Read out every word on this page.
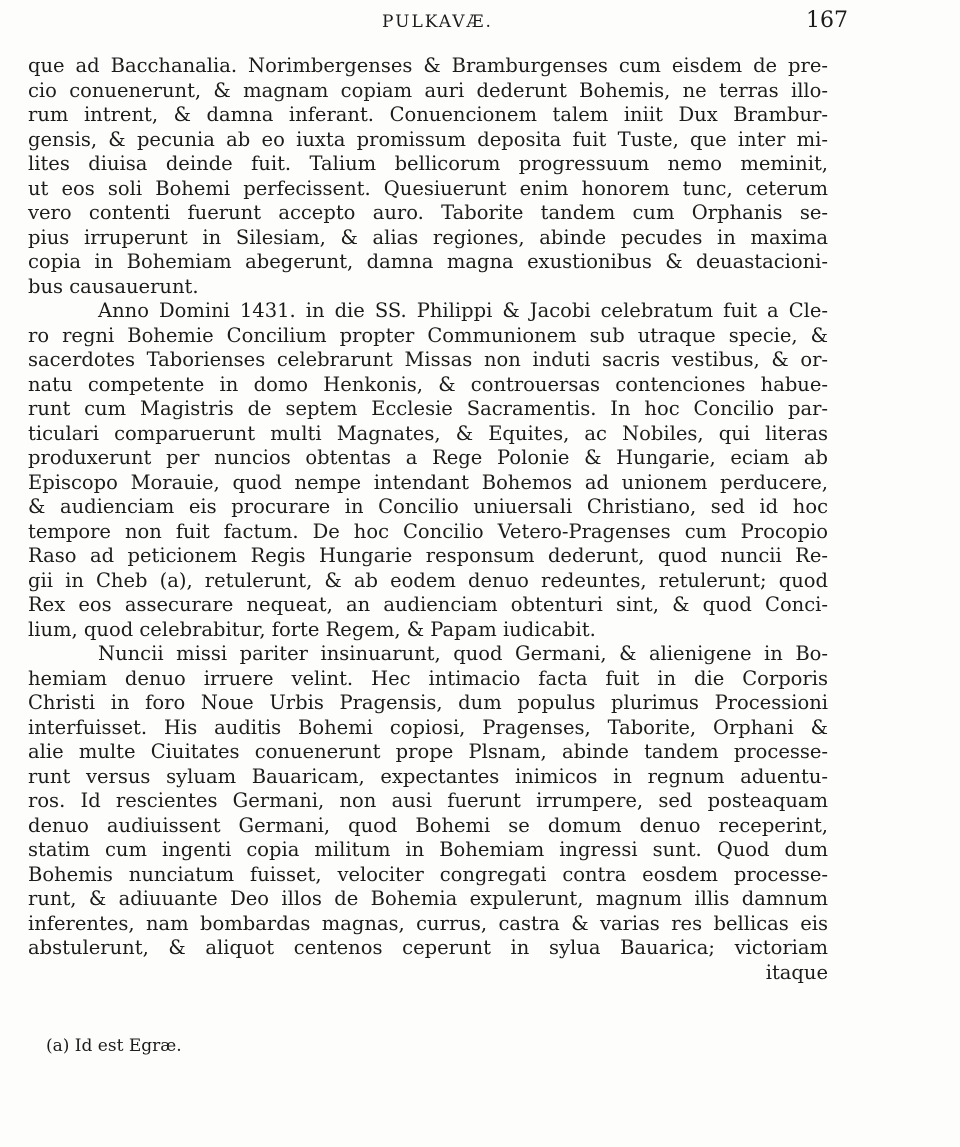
PULKAVÆ.	167
que ad Bacchanalia. Norimbergenses & Bramburgenses cum eisdem de pre-
cio conuenerunt, & magnam copiam auri dederunt Bohemis, ne terras illo-
rum intrent, & damna inferant. Conuencionem talem iniit Dux Brambur-
gensis, & pecunia ab eo iuxta promissum deposita fuit Tuste, que inter mi-
lites diuisa deinde fuit. Talium bellicorum progressuum nemo meminit,
ut eos soli Bohemi perfecissent. Quesiuerunt enim honorem tunc, ceterum
vero contenti fuerunt accepto auro. Taborite tandem cum Orphanis se-
pius irruperunt in Silesiam, & alias regiones, abinde pecudes in maxima
copia in Bohemiam abegerunt, damna magna exustionibus & deuastacioni-
bus causauerunt.
Anno Domini 1431. in die SS. Philippi & Jacobi celebratum fuit a Cle-
ro regni Bohemie Concilium propter Communionem sub utraque specie, &
sacerdotes Taborienses celebrarunt Missas non induti sacris vestibus, & or-
natu competente in domo Henkonis, & controuersas contenciones habue-
runt cum Magistris de septem Ecclesie Sacramentis. In hoc Concilio par-
ticulari comparuerunt multi Magnates, & Equites, ac Nobiles, qui literas
produxerunt per nuncios obtentas a Rege Polonie & Hungarie, eciam ab
Episcopo Morauie, quod nempe intendant Bohemos ad unionem perducere,
& audienciam eis procurare in Concilio uniuersali Christiano, sed id hoc
tempore non fuit factum. De hoc Concilio Vetero-Pragenses cum Procopio
Raso ad peticionem Regis Hungarie responsum dederunt, quod nuncii Re-
gii in Cheb (a), retulerunt, & ab eodem denuo redeuntes, retulerunt; quod
Rex eos assecurare nequeat, an audienciam obtenturi sint, & quod Conci-
lium, quod celebrabitur, forte Regem, & Papam iudicabit.
Nuncii missi pariter insinuarunt, quod Germani, & alienigene in Bo-
hemiam denuo irruere velint. Hec intimacio facta fuit in die Corporis
Christi in foro Noue Urbis Pragensis, dum populus plurimus Processioni
interfuisset. His auditis Bohemi copiosi, Pragenses, Taborite, Orphani &
alie multe Ciuitates conuenerunt prope Plsnam, abinde tandem processe-
runt versus syluam Bauaricam, expectantes inimicos in regnum aduentu-
ros. Id rescientes Germani, non ausi fuerunt irrumpere, sed posteaquam
denuo audiuissent Germani, quod Bohemi se domum denuo receperint,
statim cum ingenti copia militum in Bohemiam ingressi sunt. Quod dum
Bohemis nunciatum fuisset, velociter congregati contra eosdem processe-
runt, & adiuuante Deo illos de Bohemia expulerunt, magnum illis damnum
inferentes, nam bombardas magnas, currus, castra & varias res bellicas eis
abstulerunt, & aliquot centenos ceperunt in sylua Bauarica; victoriam
itaque
(a) Id est Egræ.
